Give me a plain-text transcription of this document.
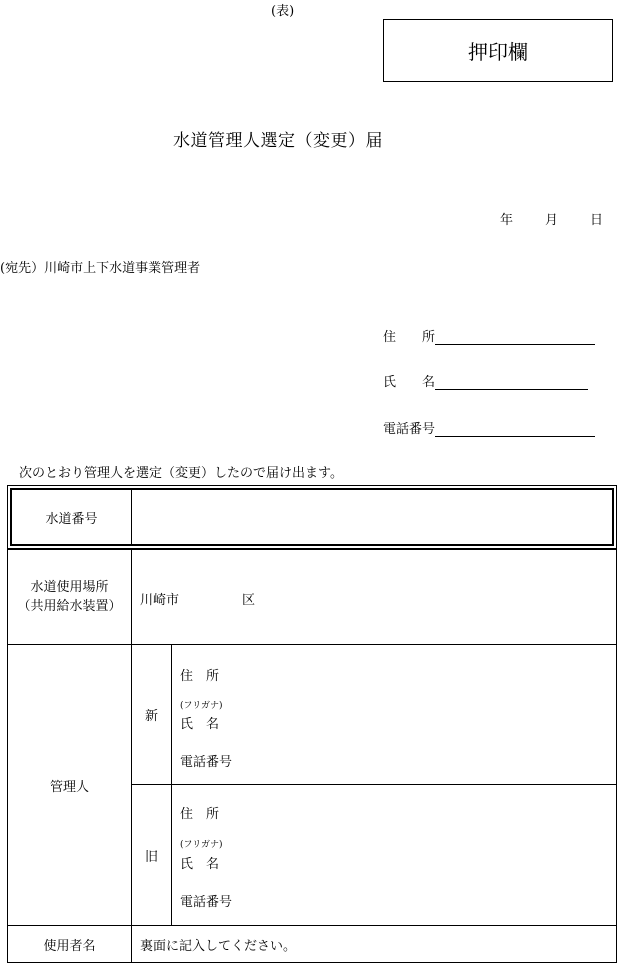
(表)
押印欄
水道管理人選定（変更）届
年 月 日
(宛先）川崎市上下水道事業管理者
住　　所
氏　　名
電話番号
次のとおり管理人を選定（変更）したので届け出ます。
水道番号
水道使用場所
（共用給水装置） 川崎市	区
管理人
新
住　所
(フリガナ)
氏　名
電話番号
旧
住　所
(フリガナ)
氏　名
電話番号
使用者名	裏面に記入してください。
